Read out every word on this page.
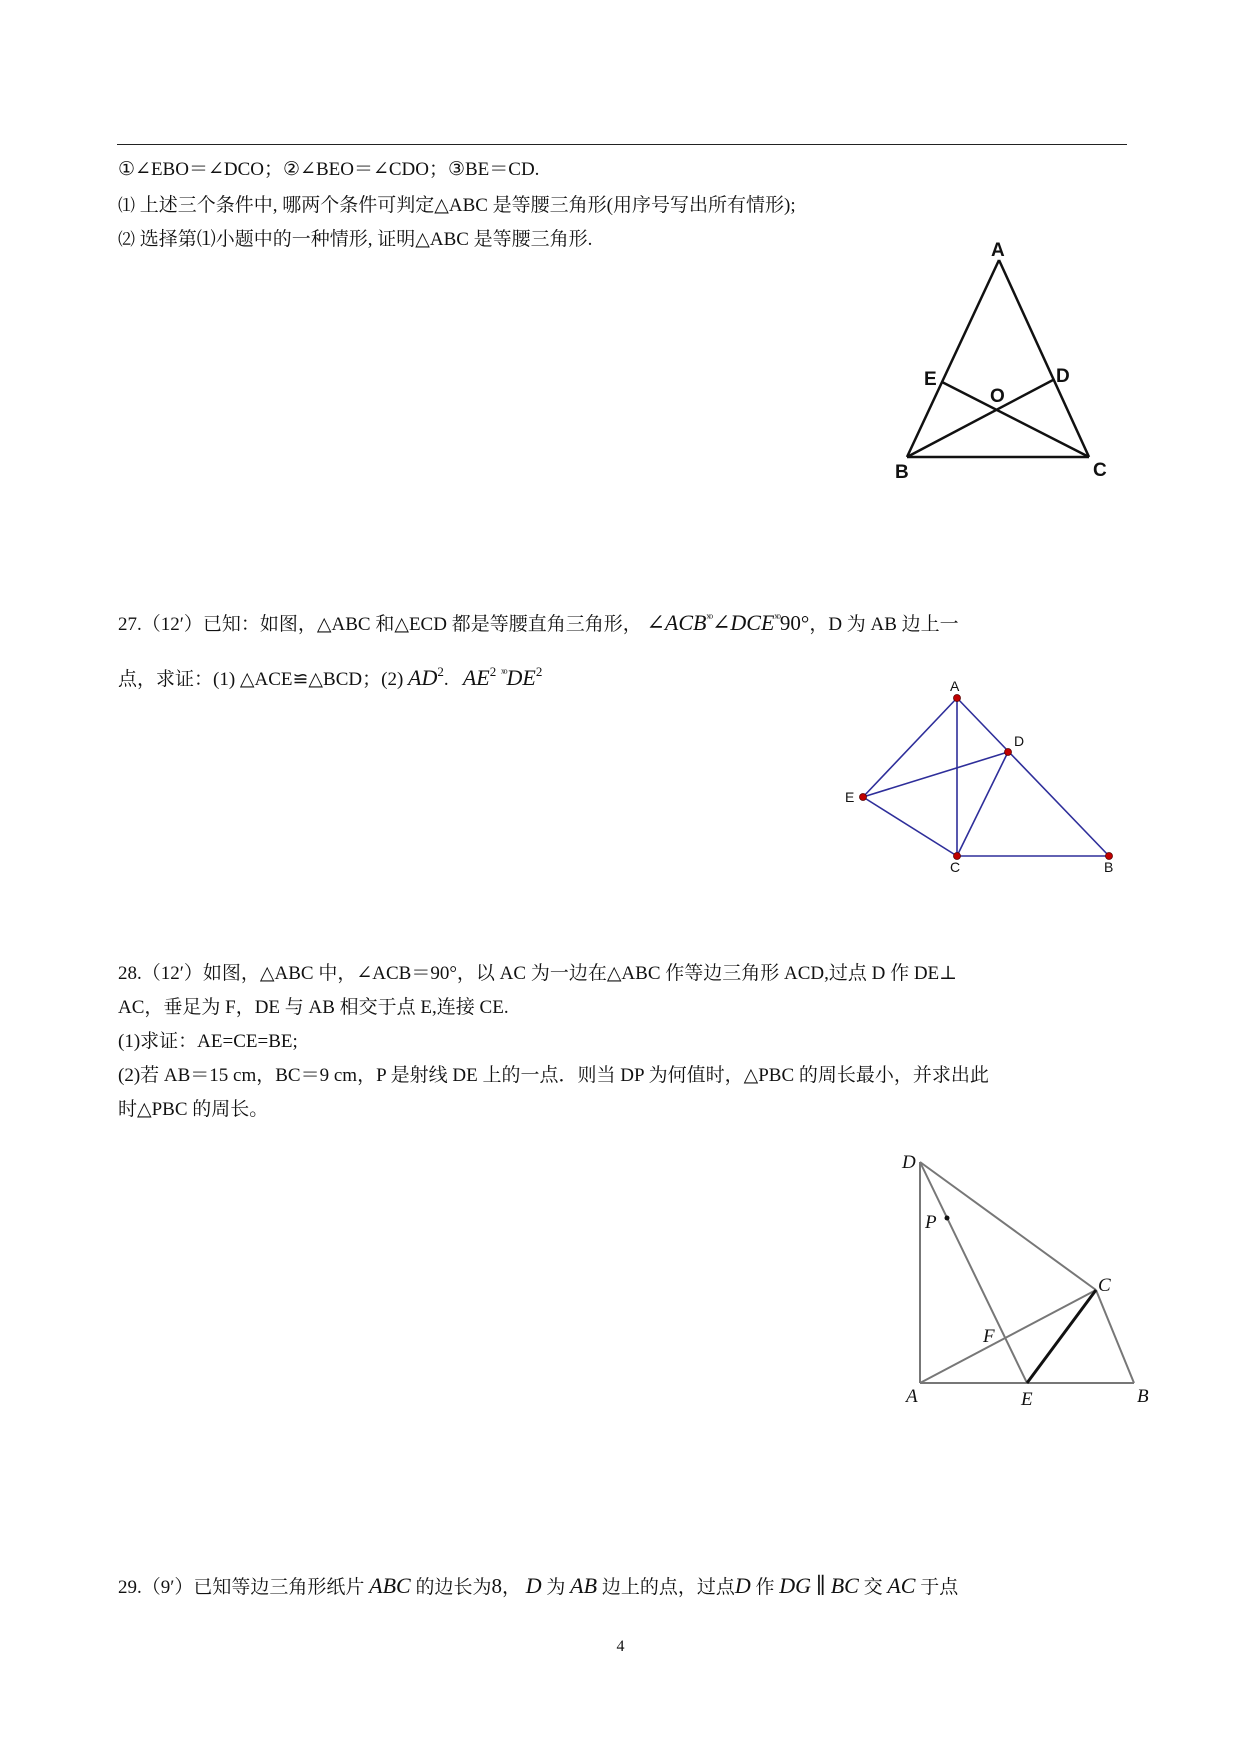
①∠EBO＝∠DCO；②∠BEO＝∠CDO；③BE＝CD.
⑴ 上述三个条件中, 哪两个条件可判定△ABC 是等腰三角形(用序号写出所有情形);
⑵ 选择第⑴小题中的一种情形, 证明△ABC 是等腰三角形.
A
B	C
D
E
O
27.（12′）已知：如图，△ABC 和△ECD 都是等腰直角三角形， $\angle ACB^{ˣᵒ}\angle DCE^{ˣᵒ}90^\circ$，D 为 AB 边上一
点，求证：(1) △ACE≌△BCD；(2) $AD^2$. $AE^2$ $^{ˣᵒ}DE^2$
A
D
E
C	B
28.（12′）如图，△ABC 中，∠ACB＝90°，以 AC 为一边在△ABC 作等边三角形 ACD,过点 D 作 DE⊥
AC，垂足为 F，DE 与 AB 相交于点 E,连接 CE.
(1)求证：AE=CE=BE;
(2)若 AB＝15 cm，BC＝9 cm，P 是射线 DE 上的一点．则当 DP 为何值时，△PBC 的周长最小，并求出此
时△PBC 的周长。
D
P
C
F
A	E	B
29.（9′）已知等边三角形纸片 ABC 的边长为8， D 为 AB 边上的点，过点D 作 DG ∥ BC 交 AC 于点
4
